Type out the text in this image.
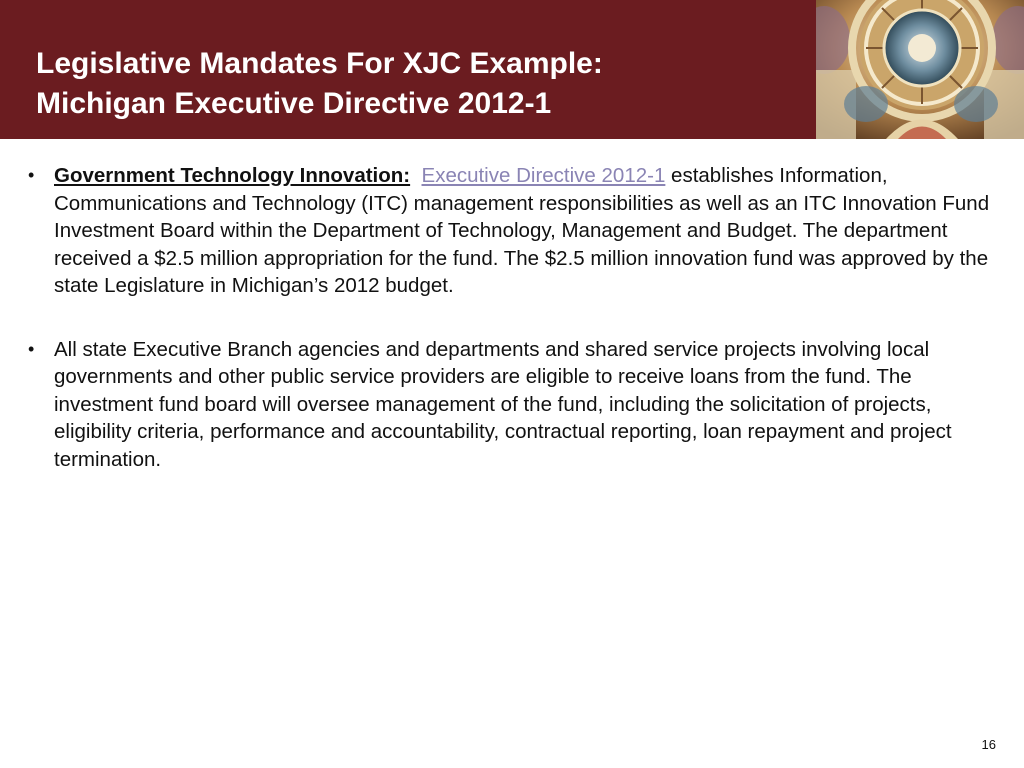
Legislative Mandates For XJC Example:
Michigan Executive Directive 2012-1
• Government Technology Innovation: Executive Directive 2012-1 establishes Information, Communications and Technology (ITC) management responsibilities as well as an ITC Innovation Fund Investment Board within the Department of Technology, Management and Budget. The department received a $2.5 million appropriation for the fund. The $2.5 million innovation fund was approved by the state Legislature in Michigan’s 2012 budget.
• All state Executive Branch agencies and departments and shared service projects involving local governments and other public service providers are eligible to receive loans from the fund. The investment fund board will oversee management of the fund, including the solicitation of projects, eligibility criteria, performance and accountability, contractual reporting, loan repayment and project termination.
16
